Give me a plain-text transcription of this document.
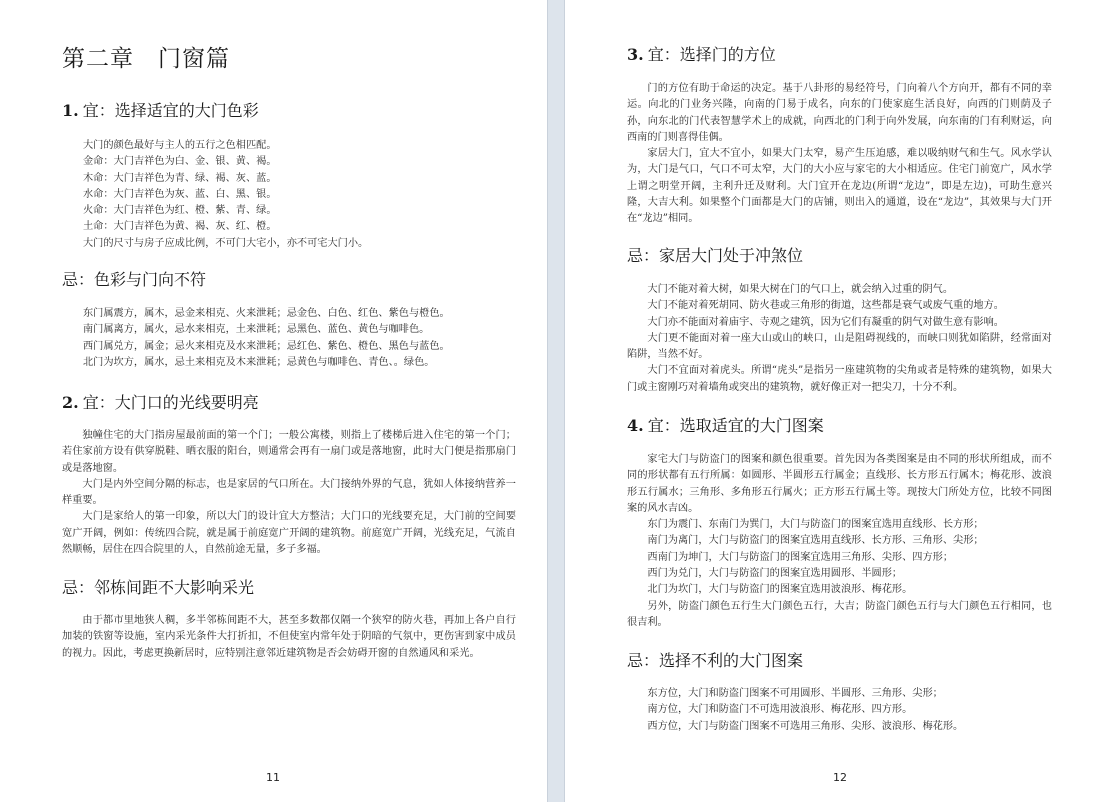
第二章　门窗篇
1. 宜：选择适宜的大门色彩
大门的颜色最好与主人的五行之色相匹配。
金命：大门吉祥色为白、金、银、黄、褐。
木命：大门吉祥色为青、绿、褐、灰、蓝。
水命：大门吉祥色为灰、蓝、白、黑、银。
火命：大门吉祥色为红、橙、紫、青、绿。
土命：大门吉祥色为黄、褐、灰、红、橙。
大门的尺寸与房子应成比例，不可门大宅小，亦不可宅大门小。
忌：色彩与门向不符
东门属震方，属木，忌金来相克、火来泄耗；忌金色、白色、红色、紫色与橙色。
南门属离方，属火，忌水来相克，土来泄耗；忌黑色、蓝色、黄色与咖啡色。
西门属兑方，属金；忌火来相克及水来泄耗；忌红色、紫色、橙色、黑色与蓝色。
北门为坎方，属水，忌土来相克及木来泄耗；忌黄色与咖啡色、青色、。绿色。
2. 宜：大门口的光线要明亮

独幢住宅的大门指房屋最前面的第一个门；一般公寓楼，则指上了楼梯后进入住宅的第一个门；若住家前方设有供穿脱鞋、晒衣服的阳台，则通常会再有一扇门或是落地窗，此时大门便是指那扇门或是落地窗。

大门是内外空间分隔的标志，也是家居的气口所在。大门接纳外界的气息，犹如人体接纳营养一样重要。

大门是家给人的第一印象，所以大门的设计宜大方整洁；大门口的光线要充足，大门前的空间要宽广开阔，例如：传统四合院，就是属于前庭宽广开阔的建筑物。前庭宽广开阔，光线充足，气流自然顺畅，居住在四合院里的人，自然前途无量，多子多福。

忌：邻栋间距不大影响采光

由于都市里地狭人稠，多半邻栋间距不大，甚至多数都仅隔一个狭窄的防火巷，再加上各户自行加装的铁窗等设施，室内采光条件大打折扣，不但使室内常年处于阴暗的气氛中，更伤害到家中成员的视力。因此，考虑更换新居时，应特别注意邻近建筑物是否会妨碍开窗的自然通风和采光。

11
3. 宜：选择门的方位

门的方位有助于命运的决定。基于八卦形的易经符号，门向着八个方向开，都有不同的幸运。向北的门业务兴隆，向南的门易于成名，向东的门使家庭生活良好，向西的门则荫及子孙，向东北的门代表智慧学术上的成就，向西北的门利于向外发展，向东南的门有利财运，向西南的门则喜得佳偶。

家居大门，宜大不宜小，如果大门太窄，易产生压迫感，难以吸纳财气和生气。风水学认为，大门是气口，气口不可太窄，大门的大小应与家宅的大小相适应。住宅门前宽广，风水学上谓之明堂开阔，主利升迁及财利。大门宜开在龙边(所谓“龙边”，即是左边)，可助生意兴隆，大吉大利。如果整个门面都是大门的店铺，则出入的通道，设在“龙边”，其效果与大门开在“龙边”相同。

忌：家居大门处于冲煞位

大门不能对着大树，如果大树在门的气口上，就会纳入过重的阴气。

大门不能对着死胡同、防火巷或三角形的街道，这些都是衰气或废气重的地方。

大门亦不能面对着庙宇、寺观之建筑，因为它们有凝重的阴气对做生意有影响。

大门更不能面对着一座大山或山的峡口，山是阻碍视线的，而峡口则犹如陷阱，经常面对陷阱，当然不好。

大门不宜面对着虎头。所谓“虎头”是指另一座建筑物的尖角或者是特殊的建筑物，如果大门或主窗刚巧对着墙角或突出的建筑物，就好像正对一把尖刀，十分不利。

4. 宜：选取适宜的大门图案

家宅大门与防盗门的图案和颜色很重要。首先因为各类图案是由不同的形状所组成，而不同的形状都有五行所属：如圆形、半圆形五行属金；直线形、长方形五行属木；梅花形、波浪形五行属水；三角形、多角形五行属火；正方形五行属土等。现按大门所处方位，比较不同图案的风水吉凶。

东门为震门、东南门为巽门，大门与防盗门的图案宜选用直线形、长方形；

南门为离门，大门与防盗门的图案宜选用直线形、长方形、三角形、尖形；

西南门为坤门，大门与防盗门的图案宜选用三角形、尖形、四方形；

西门为兑门，大门与防盗门的图案宜选用圆形、半圆形；

北门为坎门，大门与防盗门的图案宜选用波浪形、梅花形。

另外，防盗门颜色五行生大门颜色五行，大吉；防盗门颜色五行与大门颜色五行相同，也很吉利。

忌：选择不利的大门图案

东方位，大门和防盗门图案不可用圆形、半圆形、三角形、尖形；

南方位，大门和防盗门不可选用波浪形、梅花形、四方形。

西方位，大门与防盗门图案不可选用三角形、尖形、波浪形、梅花形。

12
